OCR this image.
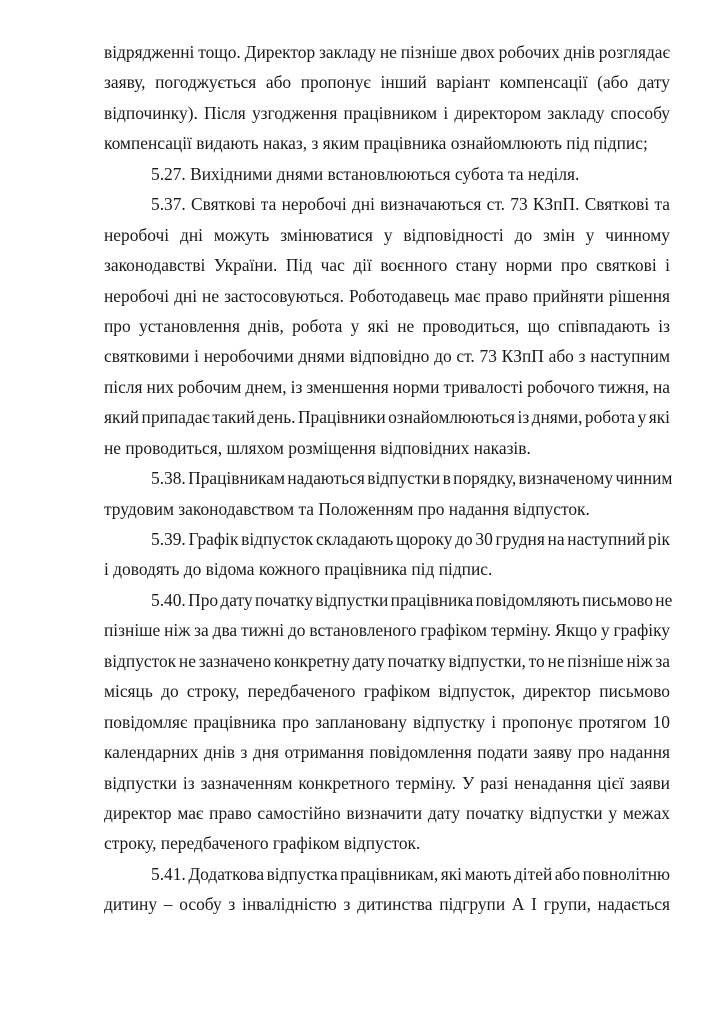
відрядженні тощо. Директор закладу не пізніше двох робочих днів розглядає
заяву, погоджується або пропонує інший варіант компенсації (або дату
відпочинку). Після узгодження працівником і директором закладу способу
компенсації видають наказ, з яким працівника ознайомлюють під підпис;
5.27. Вихідними днями встановлюються субота та неділя.
5.37. Святкові та неробочі дні визначаються ст. 73 КЗпП. Святкові та
неробочі дні можуть змінюватися у відповідності до змін у чинному
законодавстві України. Під час дії воєнного стану норми про святкові і
неробочі дні не застосовуються. Роботодавець має право прийняти рішення
про установлення днів, робота у які не проводиться, що співпадають із
святковими і неробочими днями відповідно до ст. 73 КЗпП або з наступним
після них робочим днем, із зменшення норми тривалості робочого тижня, на
який припадає такий день. Працівники ознайомлюються із днями, робота у які
не проводиться, шляхом розміщення відповідних наказів.
5.38. Працівникам надаються відпустки в порядку, визначеному чинним
трудовим законодавством та Положенням про надання відпусток.
5.39. Графік відпусток складають щороку до 30 грудня на наступний рік
і доводять до відома кожного працівника під підпис.
5.40. Про дату початку відпустки працівника повідомляють письмово не
пізніше ніж за два тижні до встановленого графіком терміну. Якщо у графіку
відпусток не зазначено конкретну дату початку відпустки, то не пізніше ніж за
місяць до строку, передбаченого графіком відпусток, директор письмово
повідомляє працівника про заплановану відпустку і пропонує протягом 10
календарних днів з дня отримання повідомлення подати заяву про надання
відпустки із зазначенням конкретного терміну. У разі ненадання цієї заяви
директор має право самостійно визначити дату початку відпустки у межах
строку, передбаченого графіком відпусток.
5.41. Додаткова відпустка працівникам, які мають дітей або повнолітню
дитину – особу з інвалідністю з дитинства підгрупи А І групи, надається
